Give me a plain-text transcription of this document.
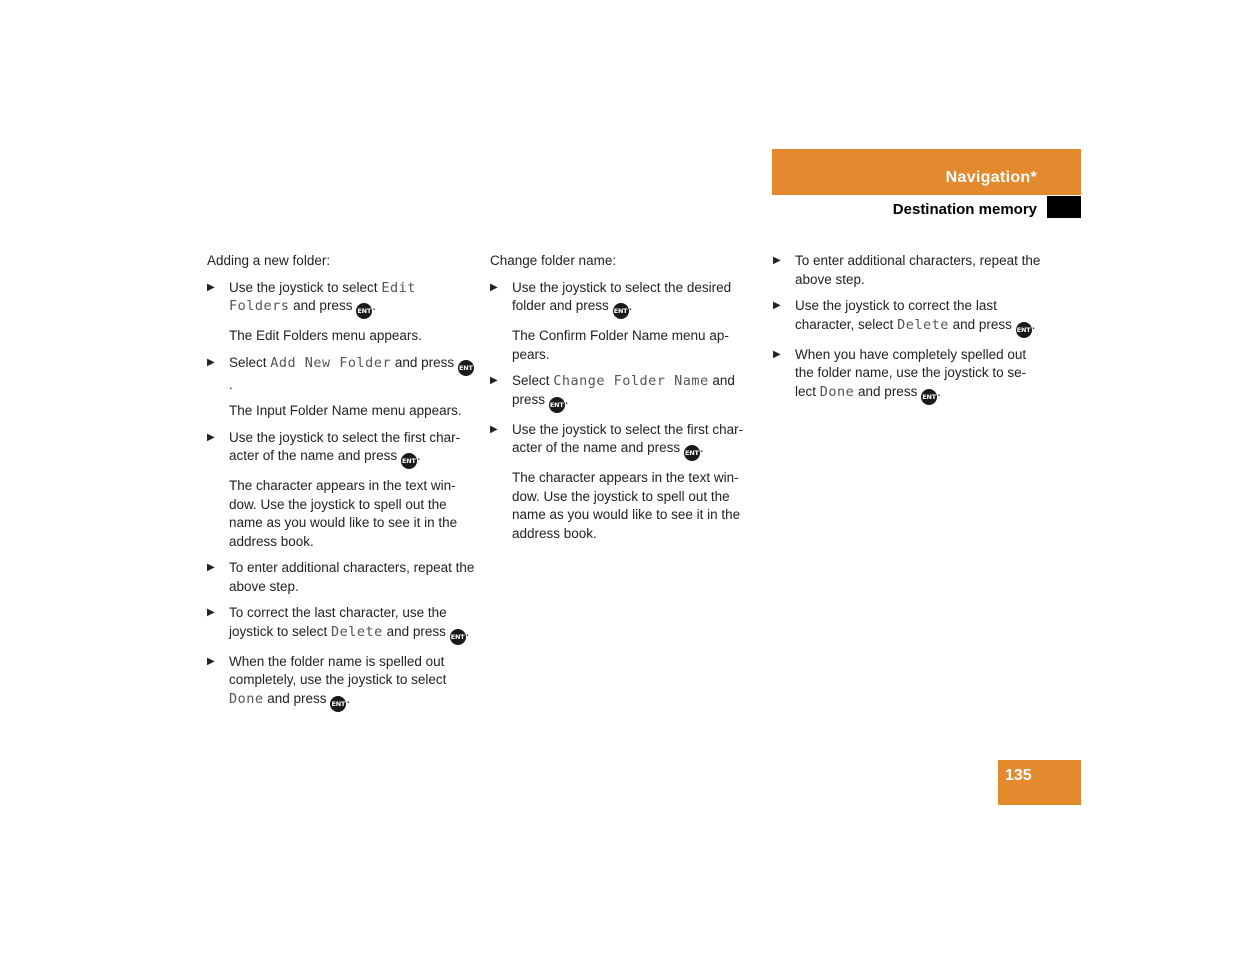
Navigation*
Destination memory
Adding a new folder:
▶ Use the joystick to select Edit Folders and press ENT.
The Edit Folders menu appears.
▶ Select Add New Folder and press ENT.
The Input Folder Name menu appears.
▶ Use the joystick to select the first char-acter of the name and press ENT.
The character appears in the text win-dow. Use the joystick to spell out the name as you would like to see it in the address book.
▶ To enter additional characters, repeat the above step.
▶ To correct the last character, use the joystick to select Delete and press ENT.
▶ When the folder name is spelled out completely, use the joystick to select Done and press ENT.
Change folder name:
▶ Use the joystick to select the desired folder and press ENT.
The Confirm Folder Name menu ap-pears.
▶ Select Change Folder Name and press ENT.
▶ Use the joystick to select the first char-acter of the name and press ENT.
The character appears in the text win-dow. Use the joystick to spell out the name as you would like to see it in the address book.
▶ To enter additional characters, repeat the above step.
▶ Use the joystick to correct the last character, select Delete and press ENT.
▶ When you have completely spelled out the folder name, use the joystick to se-lect Done and press ENT.
135
